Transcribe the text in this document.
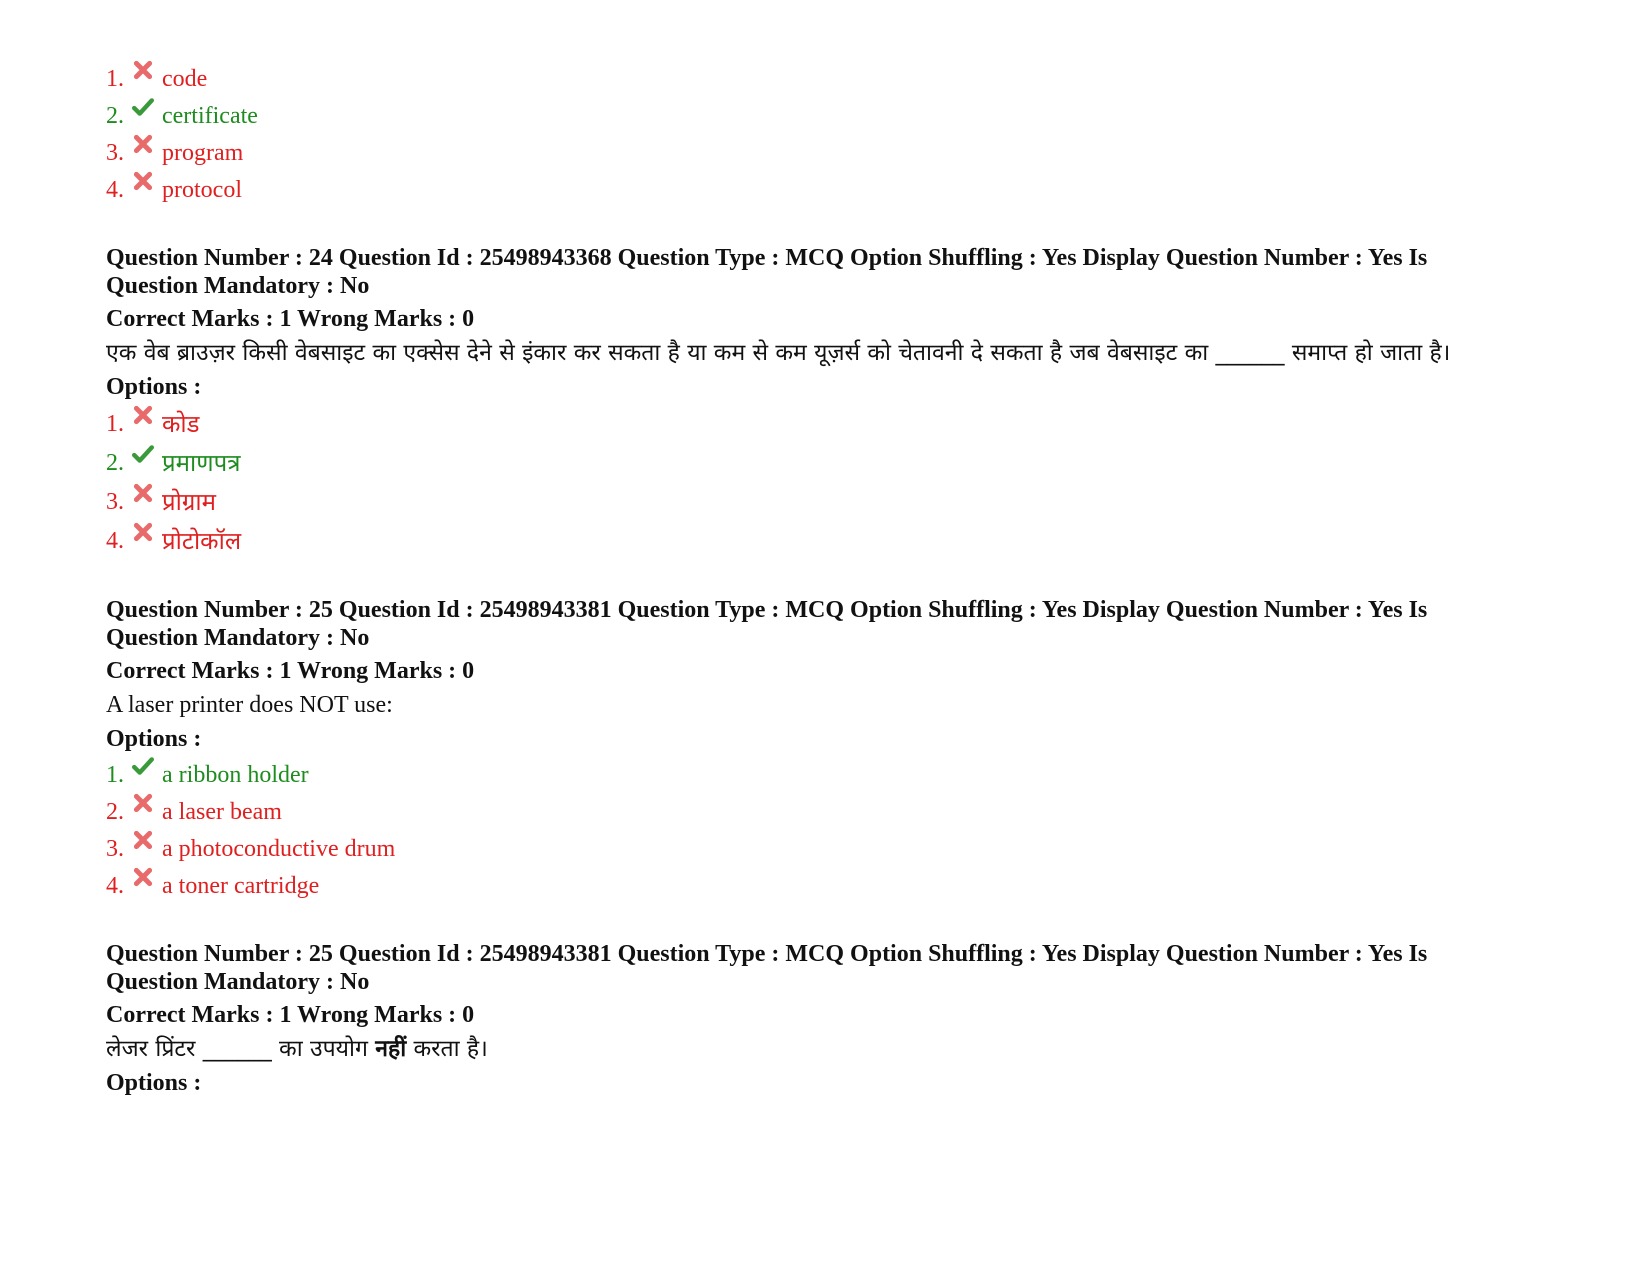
1.	code
2.	certificate
3.	program
4.	protocol
Question Number : 24 Question Id : 25498943368 Question Type : MCQ Option Shuffling : Yes Display Question Number : Yes Is Question Mandatory : No
Correct Marks : 1 Wrong Marks : 0
एक वेब ब्राउज़र किसी वेबसाइट का एक्सेस देने से इंकार कर सकता है या कम से कम यूज़र्स को चेतावनी दे सकता है जब वेबसाइट का ______ समाप्त हो जाता है।
Options :
1.	कोड
2.	प्रमाणपत्र
3.	प्रोग्राम
4.	प्रोटोकॉल
Question Number : 25 Question Id : 25498943381 Question Type : MCQ Option Shuffling : Yes Display Question Number : Yes Is Question Mandatory : No
Correct Marks : 1 Wrong Marks : 0
A laser printer does NOT use:
Options :
1.	a ribbon holder
2.	a laser beam
3.	a photoconductive drum
4.	a toner cartridge
Question Number : 25 Question Id : 25498943381 Question Type : MCQ Option Shuffling : Yes Display Question Number : Yes Is Question Mandatory : No
Correct Marks : 1 Wrong Marks : 0
लेजर प्रिंटर ______ का उपयोग नहीं करता है।
Options :
